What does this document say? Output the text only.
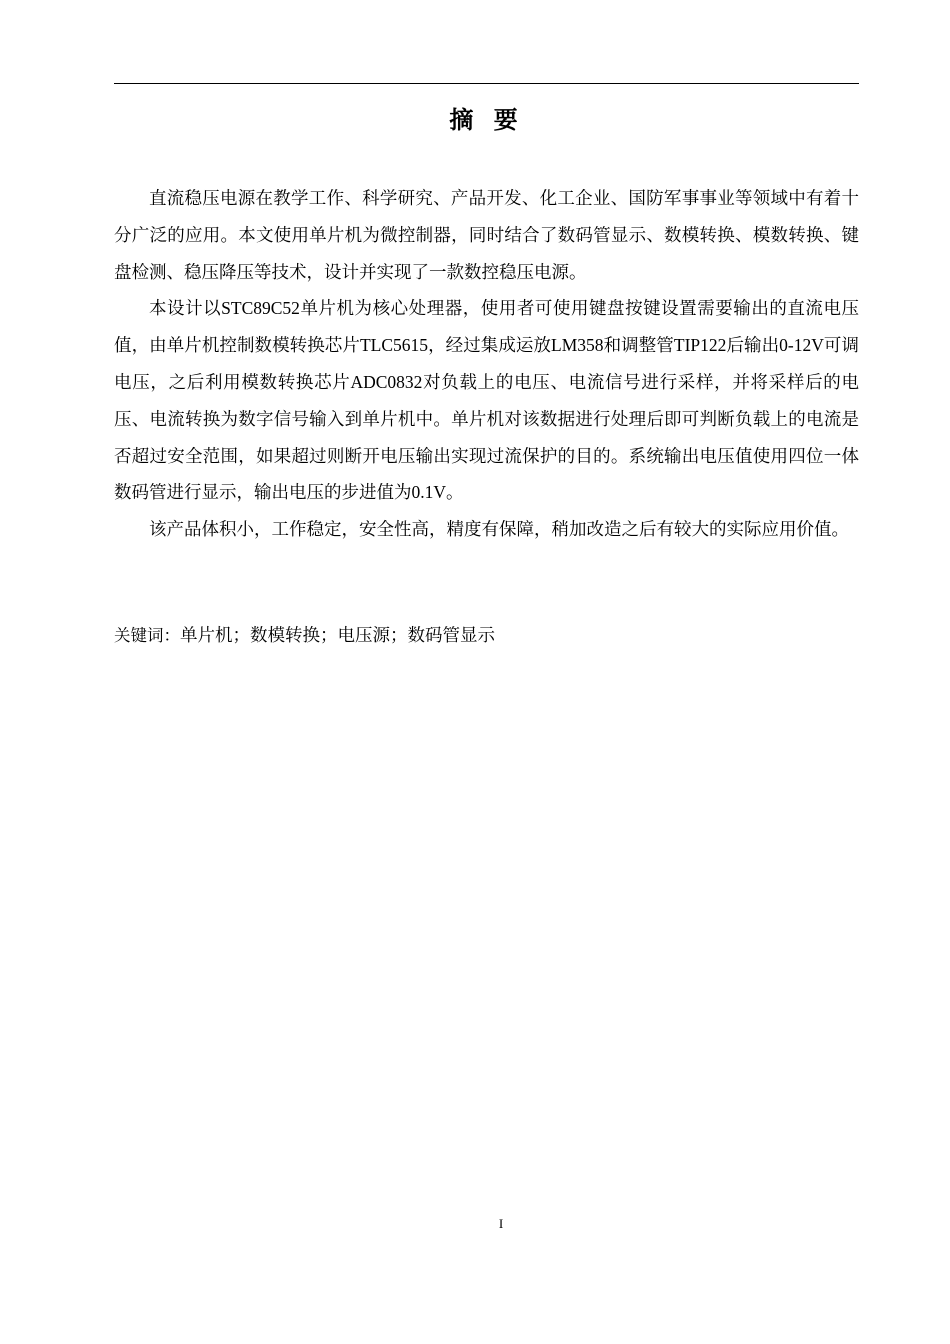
摘 要

直流稳压电源在教学工作、科学研究、产品开发、化工企业、国防军事事业等领域中有着十分广泛的应用。本文使用单片机为微控制器，同时结合了数码管显示、数模转换、模数转换、键盘检测、稳压降压等技术，设计并实现了一款数控稳压电源。

本设计以STC89C52单片机为核心处理器，使用者可使用键盘按键设置需要输出的直流电压值，由单片机控制数模转换芯片TLC5615，经过集成运放LM358和调整管TIP122后输出0-12V可调电压，之后利用模数转换芯片ADC0832对负载上的电压、电流信号进行采样，并将采样后的电压、电流转换为数字信号输入到单片机中。单片机对该数据进行处理后即可判断负载上的电流是否超过安全范围，如果超过则断开电压输出实现过流保护的目的。系统输出电压值使用四位一体数码管进行显示，输出电压的步进值为0.1V。

该产品体积小，工作稳定，安全性高，精度有保障，稍加改造之后有较大的实际应用价值。

关键词：单片机；数模转换；电压源；数码管显示

I
